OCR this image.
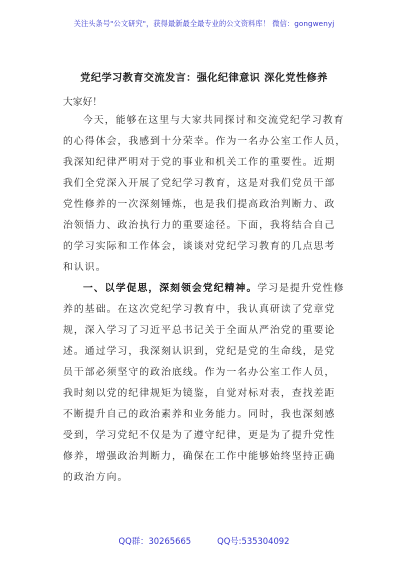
关注头条号"公文研究"，获得最新最全最专业的公文资料库！ 微信：gongwenyj
党纪学习教育交流发言：强化纪律意识 深化党性修养
大家好！
今天，能够在这里与大家共同探讨和交流党纪学习教育
的心得体会，我感到十分荣幸。作为一名办公室工作人员，
我深知纪律严明对于党的事业和机关工作的重要性。近期
我们全党深入开展了党纪学习教育，这是对我们党员干部
党性修养的一次深刻锤炼，也是我们提高政治判断力、政
治领悟力、政治执行力的重要途径。下面，我将结合自己
的学习实际和工作体会，谈谈对党纪学习教育的几点思考
和认识。
一、以学促思，深刻领会党纪精神。学习是提升党性修
养的基础。在这次党纪学习教育中，我认真研读了党章党
规，深入学习了习近平总书记关于全面从严治党的重要论
述。通过学习，我深刻认识到，党纪是党的生命线，是党
员干部必须坚守的政治底线。作为一名办公室工作人员，
我时刻以党的纪律规矩为镜鉴，自觉对标对表，查找差距
不断提升自己的政治素养和业务能力。同时，我也深刻感
受到，学习党纪不仅是为了遵守纪律，更是为了提升党性
修养，增强政治判断力，确保在工作中能够始终坚持正确
的政治方向。
QQ群：30265665	QQ号:535304092
